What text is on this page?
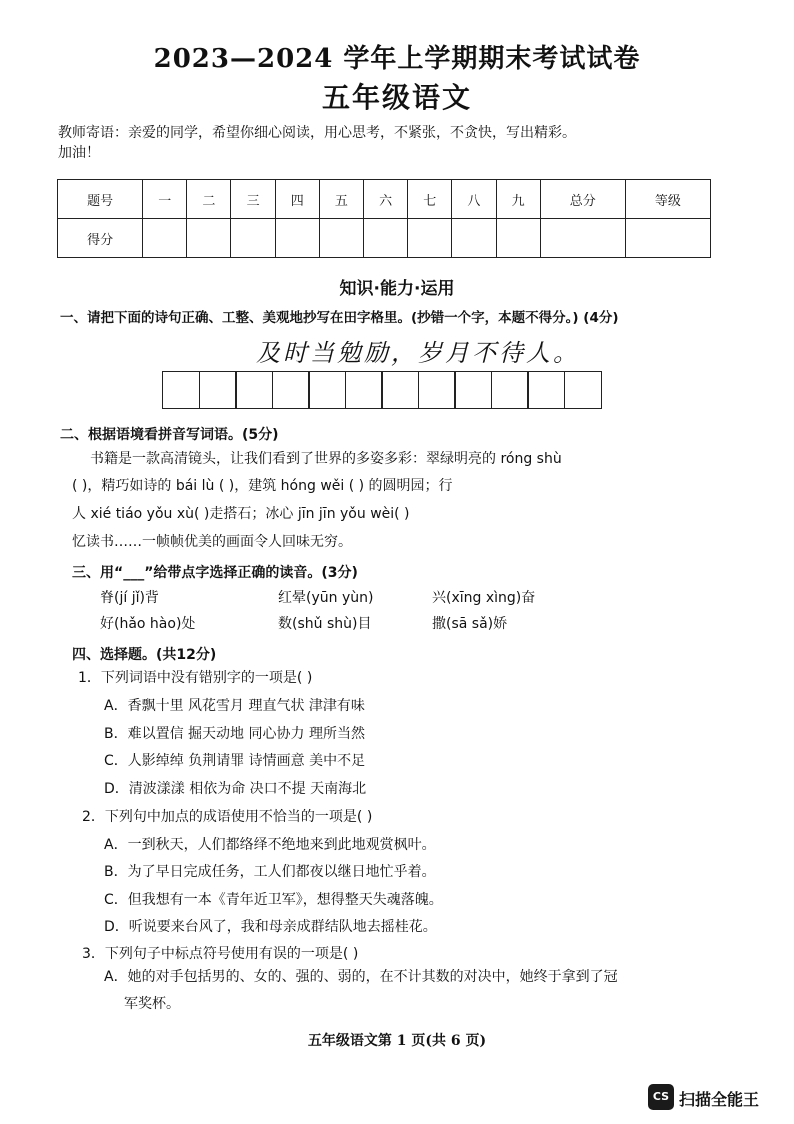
2023—2024 学年上学期期末考试试卷
五年级语文
教师寄语：亲爱的同学，希望你细心阅读，用心思考，不紧张，不贪快，写出精彩。
加油！
题号	一	二	三	四	五	六	七	八	九	总分	等级
得分											
知识·能力·运用
一、请把下面的诗句正确、工整、美观地抄写在田字格里。(抄错一个字，本题不得分。) (4分)
及时当勉励，岁月不待人。
二、根据语境看拼音写词语。(5分)
书籍是一款高清镜头，让我们看到了世界的多姿多彩：翠绿明亮的 róng shù
( )，精巧如诗的 bái lù ( )，建筑 hóng wěi ( ) 的圆明园；行
人 xié tiáo yǒu xù( )走搭石；冰心 jīn jīn yǒu wèi( )
忆读书……一帧帧优美的画面令人回味无穷。
三、用“___”给带点字选择正确的读音。(3分)
脊(jí jǐ)背	红晕(yūn yùn)	兴(xīng xìng)奋
好(hǎo hào)处	数(shǔ shù)目	撒(sā sǎ)娇
四、选择题。(共12分)
1．下列词语中没有错别字的一项是( )
A．香飘十里 风花雪月 理直气状 津津有味
B．难以置信 掘天动地 同心协力 理所当然
C．人影绰绰 负荆请罪 诗情画意 美中不足
D．清波漾漾 相依为命 决口不提 天南海北
2．下列句中加点的成语使用不恰当的一项是( )
A．一到秋天，人们都络绎不绝地来到此地观赏枫叶。
B．为了早日完成任务，工人们都夜以继日地忙乎着。
C．但我想有一本《青年近卫军》，想得整天失魂落魄。
D．听说要来台风了，我和母亲成群结队地去摇桂花。
3．下列句子中标点符号使用有误的一项是( )
A．她的对手包括男的、女的、强的、弱的，在不计其数的对决中，她终于拿到了冠
军奖杯。
五年级语文第 1 页(共 6 页)
CS 扫描全能王
